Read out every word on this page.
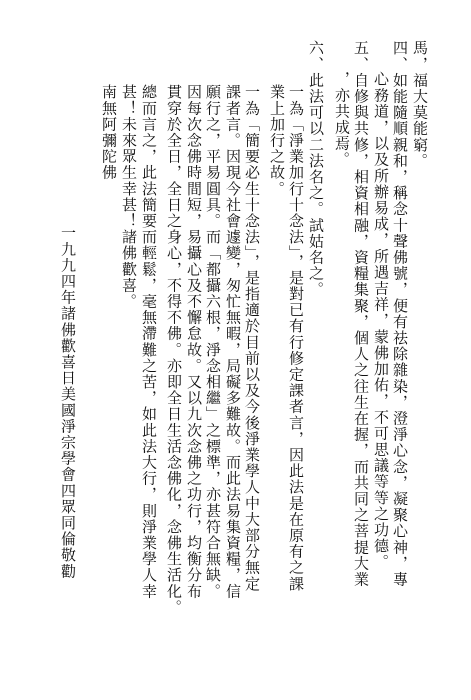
馬，福大莫能窮。
四、如能隨順親和，稱念十聲佛號，便有祛除雜染，澄淨心念，凝聚心神，專
心務道，以及所辦易成，所遇吉祥，蒙佛加佑，不可思議等等之功德。
五、自修與共修，相資相融，資糧集聚，個人之往生在握，而共同之菩提大業
，亦共成焉。
六、此法可以二法名之。試姑名之。
一為「淨業加行十念法」，是對已有行修定課者言，因此法是在原有之課
業上加行之故。
一為「簡要必生十念法」，是指適於目前以及今後淨業學人中大部分無定
課者言。因現今社會遽變，匆忙無暇，局礙多難故。而此法易集資糧，信
願行之，平易圓具。而「都攝六根，淨念相繼」之標準，亦甚符合無缺。
因每次念佛時間短，易攝心及不懈怠故。又以九次念佛之功行，均衡分布
貫穿於全日，全日之身心，不得不佛。亦即全日生活念佛化，念佛生活化。
總而言之，此法簡要而輕鬆，毫無滯難之苦，如此法大行，則淨業學人幸
甚！未來眾生幸甚！諸佛歡喜。
南無阿彌陀佛
一九九四年諸佛歡喜日美國淨宗學會四眾同倫敬勸
